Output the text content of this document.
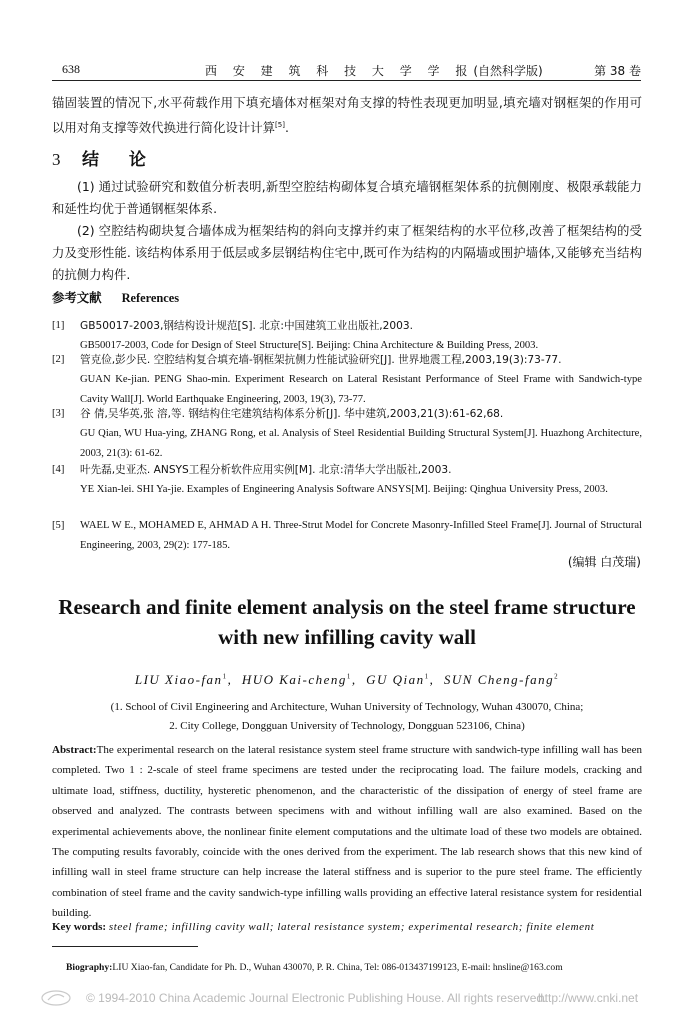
638	西 安 建 筑 科 技 大 学 学 报(自然科学版)	第 38 卷
锚固装置的情况下,水平荷载作用下填充墙体对框架对角支撑的特性表现更加明显,填充墙对钢框架的作用可以用对角支撑等效代换进行简化设计计算[5].
3 结 论
(1) 通过试验研究和数值分析表明,新型空腔结构砌体复合填充墙钢框架体系的抗侧刚度、极限承载能力和延性均优于普通钢框架体系.
(2) 空腔结构砌块复合墙体成为框架结构的斜向支撑并约束了框架结构的水平位移,改善了框架结构的受力及变形性能. 该结构体系用于低层或多层钢结构住宅中,既可作为结构的内隔墙或围护墙体,又能够充当结构的抗侧力构件.
参考文献 References
[1] GB50017-2003,钢结构设计规范[S]. 北京:中国建筑工业出版社,2003.
GB50017-2003, Code for Design of Steel Structure[S]. Beijing: China Architecture & Building Press, 2003.
[2] 管克俭,彭少民. 空腔结构复合填充墙-钢框架抗侧力性能试验研究[J]. 世界地震工程,2003,19(3):73-77.
GUAN Ke-jian. PENG Shao-min. Experiment Research on Lateral Resistant Performance of Steel Frame with Sandwich-type Cavity Wall[J]. World Earthquake Engineering, 2003, 19(3), 73-77.
[3] 谷 倩,吴华英,张 溶,等. 钢结构住宅建筑结构体系分析[J]. 华中建筑,2003,21(3):61-62,68.
GU Qian, WU Hua-ying, ZHANG Rong, et al. Analysis of Steel Residential Building Structural System[J]. Huazhong Architecture, 2003, 21(3): 61-62.
[4] 叶先磊,史亚杰. ANSYS工程分析软件应用实例[M]. 北京:清华大学出版社,2003.
YE Xian-lei. SHI Ya-jie. Examples of Engineering Analysis Software ANSYS[M]. Beijing: Qinghua University Press, 2003.
[5] WAEL W E., MOHAMED E, AHMAD A H. Three-Strut Model for Concrete Masonry-Infilled Steel Frame[J]. Journal of Structural Engineering, 2003, 29(2): 177-185.
(编辑 白茂瑞)
Research and finite element analysis on the steel frame structure with new infilling cavity wall
LIU Xiao-fan$^1$,  HUO Kai-cheng$^1$,  GU Qian$^1$,  SUN Cheng-fang$^2$
(1. School of Civil Engineering and Architecture, Wuhan University of Technology, Wuhan 430070, China;
2. City College, Dongguan University of Technology, Dongguan 523106, China)
Abstract:The experimental research on the lateral resistance system steel frame structure with sandwich-type infilling wall has been completed. Two 1 : 2-scale of steel frame specimens are tested under the reciprocating load. The failure models, cracking and ultimate load, stiffness, ductility, hysteretic phenomenon, and the characteristic of the dissipation of energy of steel frame are observed and analyzed. The contrasts between specimens with and without infilling wall are also examined. Based on the experimental achievements above, the nonlinear finite element computations and the ultimate load of these two models are obtained. The computing results favorably, coincide with the ones derived from the experiment. The lab research shows that this new kind of infilling wall in steel frame structure can help increase the lateral stiffness and is superior to the pure steel frame. The efficiently combination of steel frame and the cavity sandwich-type infilling walls providing an effective lateral resistance system for residential building.
Key words: steel frame; infilling cavity wall; lateral resistance system; experimental research; finite element
Biography:LIU Xiao-fan, Candidate for Ph. D., Wuhan 430070, P. R. China, Tel: 086-013437199123, E-mail: hnsline@163.com
© 1994-2010 China Academic Journal Electronic Publishing House. All rights reserved.
http://www.cnki.net
